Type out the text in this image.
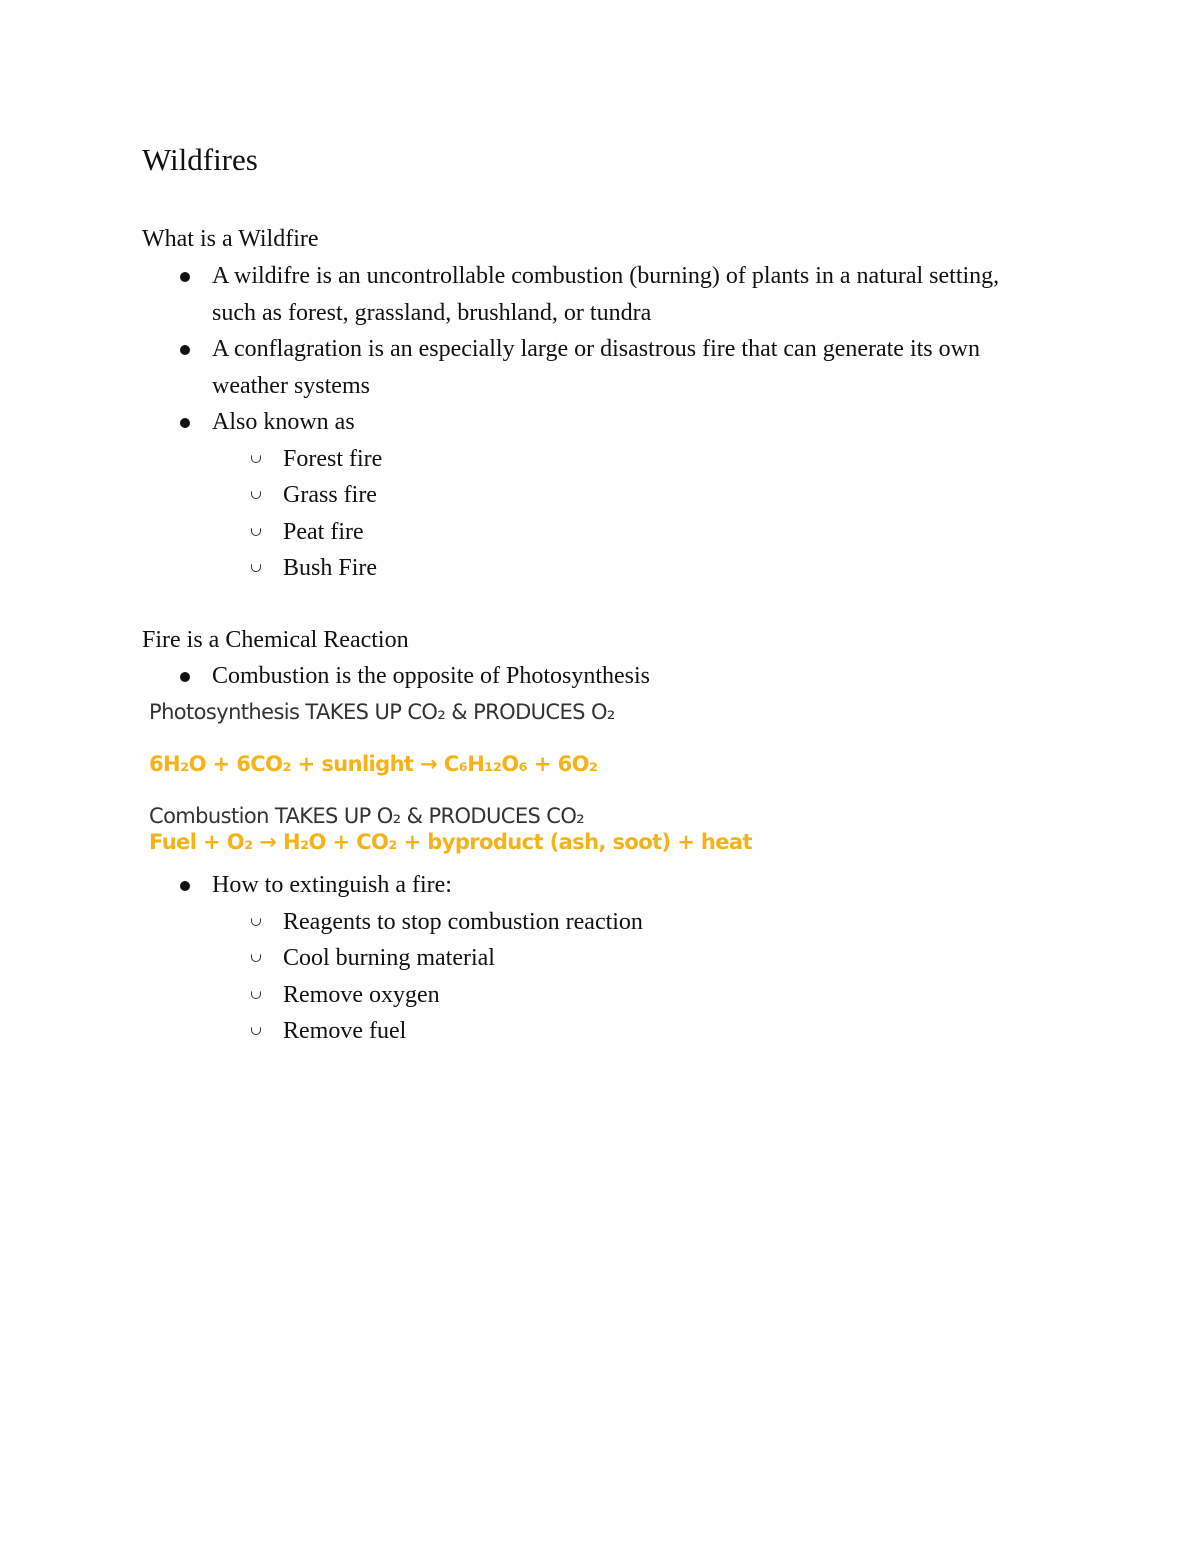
Wildfires
What is a Wildfire
A wildifre is an uncontrollable combustion (burning) of plants in a natural setting, such as forest, grassland, brushland, or tundra
A conflagration is an especially large or disastrous fire that can generate its own weather systems
Also known as
Forest fire
Grass fire
Peat fire
Bush Fire
Fire is a Chemical Reaction
Combustion is the opposite of Photosynthesis
Photosynthesis TAKES UP CO₂ & PRODUCES O₂
6H₂O + 6CO₂ + sunlight → C₆H₁₂O₆ + 6O₂
Combustion TAKES UP O₂ & PRODUCES CO₂
Fuel + O₂ → H₂O + CO₂ + byproduct (ash, soot) + heat
How to extinguish a fire:
Reagents to stop combustion reaction
Cool burning material
Remove oxygen
Remove fuel
